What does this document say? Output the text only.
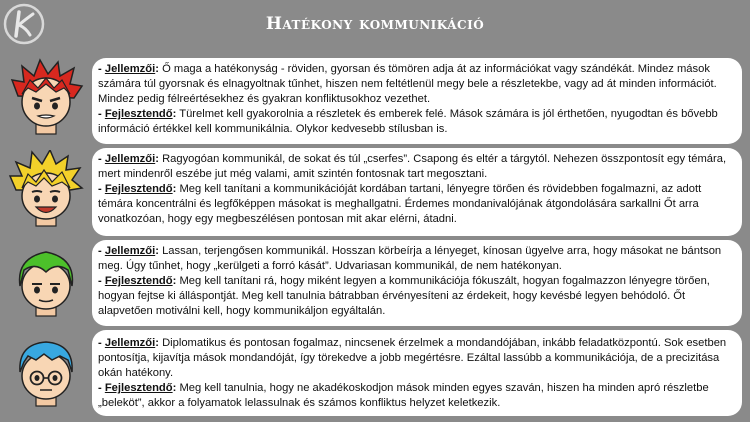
Hatékony kommunikáció

- Jellemzői: Ő maga a hatékonyság - röviden, gyorsan és tömören adja át az információkat vagy szándékát. Mindez mások számára túl gyorsnak és elnagyoltnak tűnhet, hiszen nem feltétlenül megy bele a részletekbe, vagy ad át minden információt. Mindez pedig félreértésekhez és gyakran konfliktusokhoz vezethet.

- Fejlesztendő: Türelmet kell gyakorolnia a részletek és emberek felé. Mások számára is jól érthetően, nyugodtan és bővebb információ értékkel kell kommunikálnia. Olykor kedvesebb stílusban is.

- Jellemzői: Ragyogóan kommunikál, de sokat és túl „cserfes”. Csapong és eltér a tárgytól. Nehezen összpontosít egy témára, mert mindenről eszébe jut még valami, amit szintén fontosnak tart megosztani.

- Fejlesztendő: Meg kell tanítani a kommunikációját kordában tartani, lényegre törően és rövidebben fogalmazni, az adott témára koncentrálni és legfőképpen másokat is meghallgatni. Érdemes mondanivalójának átgondolására sarkallni Őt arra vonatkozóan, hogy egy megbeszélésen pontosan mit akar elérni, átadni.

- Jellemzői: Lassan, terjengősen kommunikál. Hosszan körbeírja a lényeget, kínosan ügyelve arra, hogy másokat ne bántson meg. Úgy tűnhet, hogy „kerülgeti a forró kását”. Udvariasan kommunikál, de nem hatékonyan.

- Fejlesztendő: Meg kell tanítani rá, hogy miként legyen a kommunikációja fókuszált, hogyan fogalmazzon lényegre törően, hogyan fejtse ki álláspontját. Meg kell tanulnia bátrabban érvényesíteni az érdekeit, hogy kevésbé legyen behódoló. Őt alapvetően motiválni kell, hogy kommunikáljon egyáltalán.

- Jellemzői: Diplomatikus és pontosan fogalmaz, nincsenek érzelmek a mondandójában, inkább feladatközpontú. Sok esetben pontosítja, kijavítja mások mondandóját, így törekedve a jobb megértésre. Ezáltal lassúbb a kommunikációja, de a precizitása okán hatékony.

- Fejlesztendő: Meg kell tanulnia, hogy ne akadékoskodjon mások minden egyes szaván, hiszen ha minden apró részletbe „beleköt”, akkor a folyamatok lelassulnak és számos konfliktus helyzet keletkezik.
